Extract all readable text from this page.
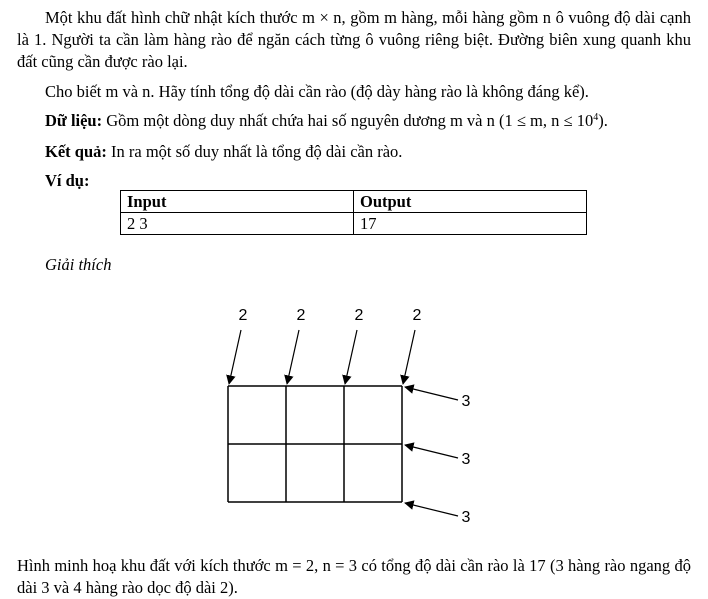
Một khu đất hình chữ nhật kích thước m × n, gồm m hàng, mỗi hàng gồm n ô vuông độ dài cạnh là 1. Người ta cần làm hàng rào để ngăn cách từng ô vuông riêng biệt. Đường biên xung quanh khu đất cũng cần được rào lại.

Cho biết m và n. Hãy tính tổng độ dài cần rào (độ dày hàng rào là không đáng kể).

Dữ liệu: Gồm một dòng duy nhất chứa hai số nguyên dương m và n (1 ≤ m, $n \le 10^4$).

Kết quả: In ra một số duy nhất là tổng độ dài cần rào.

Ví dụ:

Input	Output
2 3	17

Giải thích

2	2	2	2
3
3
3

Hình minh hoạ khu đất với kích thước m = 2, n = 3 có tổng độ dài cần rào là 17 (3 hàng rào ngang độ dài 3 và 4 hàng rào dọc độ dài 2).
